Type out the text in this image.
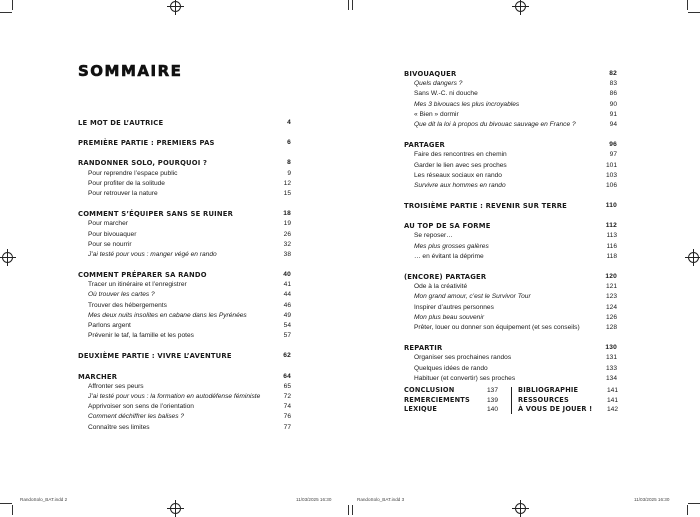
SOMMAIRE
LE MOT DE L’AUTRICE	4
PREMIÈRE PARTIE : PREMIERS PAS	6
RANDONNER SOLO, POURQUOI ?	8
Pour reprendre l’espace public	9
Pour profiter de la solitude	12
Pour retrouver la nature	15
COMMENT S’ÉQUIPER SANS SE RUINER	18
Pour marcher	19
Pour bivouaquer	26
Pour se nourrir	32
J’ai testé pour vous : manger végé en rando	38
COMMENT PRÉPARER SA RANDO	40
Tracer un itinéraire et l’enregistrer	41
Où trouver les cartes ?	44
Trouver des hébergements	46
Mes deux nuits insolites en cabane dans les Pyrénées	49
Parlons argent	54
Prévenir le taf, la famille et les potes	57
DEUXIÈME PARTIE : VIVRE L’AVENTURE	62
MARCHER	64
Affronter ses peurs	65
J’ai testé pour vous : la formation en autodéfense féministe	72
Apprivoiser son sens de l’orientation	74
Comment déchiffrer les balises ?	76
Connaître ses limites	77
BIVOUAQUER	82
Quels dangers ?	83
Sans W.-C. ni douche	86
Mes 3 bivouacs les plus incroyables	90
« Bien » dormir	91
Que dit la loi à propos du bivouac sauvage en France ?	94
PARTAGER	96
Faire des rencontres en chemin	97
Garder le lien avec ses proches	101
Les réseaux sociaux en rando	103
Survivre aux hommes en rando	106
TROISIÈME PARTIE : REVENIR SUR TERRE	110
AU TOP DE SA FORME	112
Se reposer…	113
Mes plus grosses galères	116
… en évitant la déprime	118
(ENCORE) PARTAGER	120
Ode à la créativité	121
Mon grand amour, c’est le Survivor Tour	123
Inspirer d’autres personnes	124
Mon plus beau souvenir	126
Prêter, louer ou donner son équipement (et ses conseils)	128
REPARTIR	130
Organiser ses prochaines randos	131
Quelques idées de rando	133
Habituer (et convertir) ses proches	134
CONCLUSION	137
REMERCIEMENTS	139
LEXIQUE	140
BIBLIOGRAPHIE	141
RESSOURCES	141
À VOUS DE JOUER ! 142
RandoSolo_BAT.indd 2	11/03/2025 16:30	RandoSolo_BAT.indd 3	11/03/2025 16:30
